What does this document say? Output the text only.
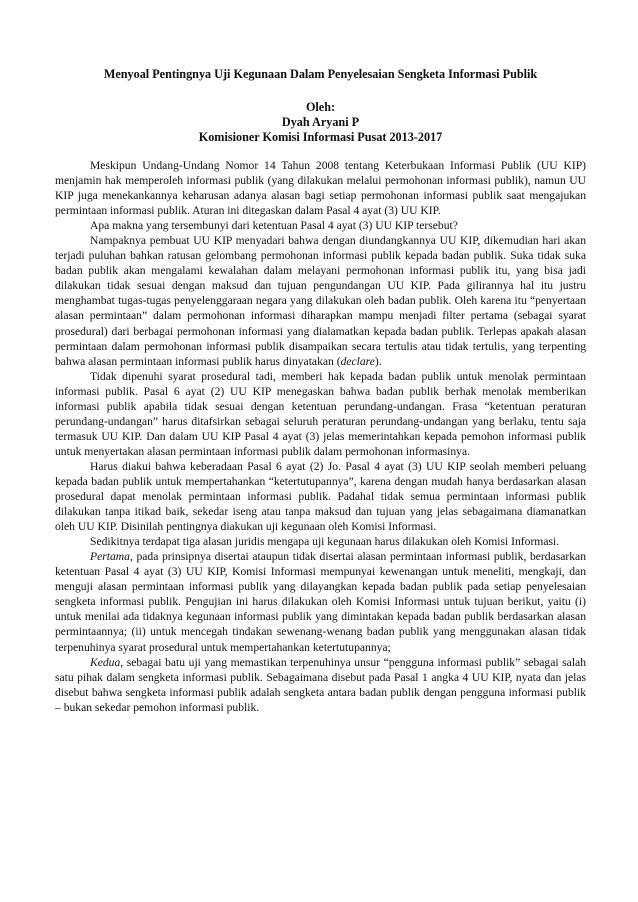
Menyoal Pentingnya Uji Kegunaan Dalam Penyelesaian Sengketa Informasi Publik
Oleh:
Dyah Aryani P
Komisioner Komisi Informasi Pusat 2013-2017

Meskipun Undang-Undang Nomor 14 Tahun 2008 tentang Keterbukaan Informasi Publik (UU KIP) menjamin hak memperoleh informasi publik (yang dilakukan melalui permohonan informasi publik), namun UU KIP juga menekankannya keharusan adanya alasan bagi setiap permohonan informasi publik saat mengajukan permintaan informasi publik. Aturan ini ditegaskan dalam Pasal 4 ayat (3) UU KIP.

Apa makna yang tersembunyi dari ketentuan Pasal 4 ayat (3) UU KIP tersebut?

Nampaknya pembuat UU KIP menyadari bahwa dengan diundangkannya UU KIP, dikemudian hari akan terjadi puluhan bahkan ratusan gelombang permohonan informasi publik kepada badan publik. Suka tidak suka badan publik akan mengalami kewalahan dalam melayani permohonan informasi publik itu, yang bisa jadi dilakukan tidak sesuai dengan maksud dan tujuan pengundangan UU KIP. Pada gilirannya hal itu justru menghambat tugas-tugas penyelenggaraan negara yang dilakukan oleh badan publik. Oleh karena itu “penyertaan alasan permintaan” dalam permohonan informasi diharapkan mampu menjadi filter pertama (sebagai syarat prosedural) dari berbagai permohonan informasi yang dialamatkan kepada badan publik. Terlepas apakah alasan permintaan dalam permohonan informasi publik disampaikan secara tertulis atau tidak tertulis, yang terpenting bahwa alasan permintaan informasi publik harus dinyatakan (declare).

Tidak dipenuhi syarat prosedural tadi, memberi hak kepada badan publik untuk menolak permintaan informasi publik. Pasal 6 ayat (2) UU KIP menegaskan bahwa badan publik berhak menolak memberikan informasi publik apabila tidak sesuai dengan ketentuan perundang-undangan. Frasa “ketentuan peraturan perundang-undangan” harus ditafsirkan sebagai seluruh peraturan perundang-undangan yang berlaku, tentu saja termasuk UU KIP. Dan dalam UU KIP Pasal 4 ayat (3) jelas memerintahkan kepada pemohon informasi publik untuk menyertakan alasan permintaan informasi publik dalam permohonan informasinya.

Harus diakui bahwa keberadaan Pasal 6 ayat (2) Jo. Pasal 4 ayat (3) UU KIP seolah memberi peluang kepada badan publik untuk mempertahankan “ketertutupannya”, karena dengan mudah hanya berdasarkan alasan prosedural dapat menolak permintaan informasi publik. Padahal tidak semua permintaan informasi publik dilakukan tanpa itikad baik, sekedar iseng atau tanpa maksud dan tujuan yang jelas sebagaimana diamanatkan oleh UU KIP. Disinilah pentingnya diakukan uji kegunaan oleh Komisi Informasi.

Sedikitnya terdapat tiga alasan juridis mengapa uji kegunaan harus dilakukan oleh Komisi Informasi.

Pertama, pada prinsipnya disertai ataupun tidak disertai alasan permintaan informasi publik, berdasarkan ketentuan Pasal 4 ayat (3) UU KIP, Komisi Informasi mempunyai kewenangan untuk meneliti, mengkaji, dan menguji alasan permintaan informasi publik yang dilayangkan kepada badan publik pada setiap penyelesaian sengketa informasi publik. Pengujian ini harus dilakukan oleh Komisi Informasi untuk tujuan berikut, yaitu (i) untuk menilai ada tidaknya kegunaan informasi publik yang dimintakan kepada badan publik berdasarkan alasan permintaannya; (ii) untuk mencegah tindakan sewenang-wenang badan publik yang menggunakan alasan tidak terpenuhinya syarat prosedural untuk mempertahankan ketertutupannya;

Kedua, sebagai batu uji yang memastikan terpenuhinya unsur “pengguna informasi publik” sebagai salah satu pihak dalam sengketa informasi publik. Sebagaimana disebut pada Pasal 1 angka 4 UU KIP, nyata dan jelas disebut bahwa sengketa informasi publik adalah sengketa antara badan publik dengan pengguna informasi publik – bukan sekedar pemohon informasi publik.
